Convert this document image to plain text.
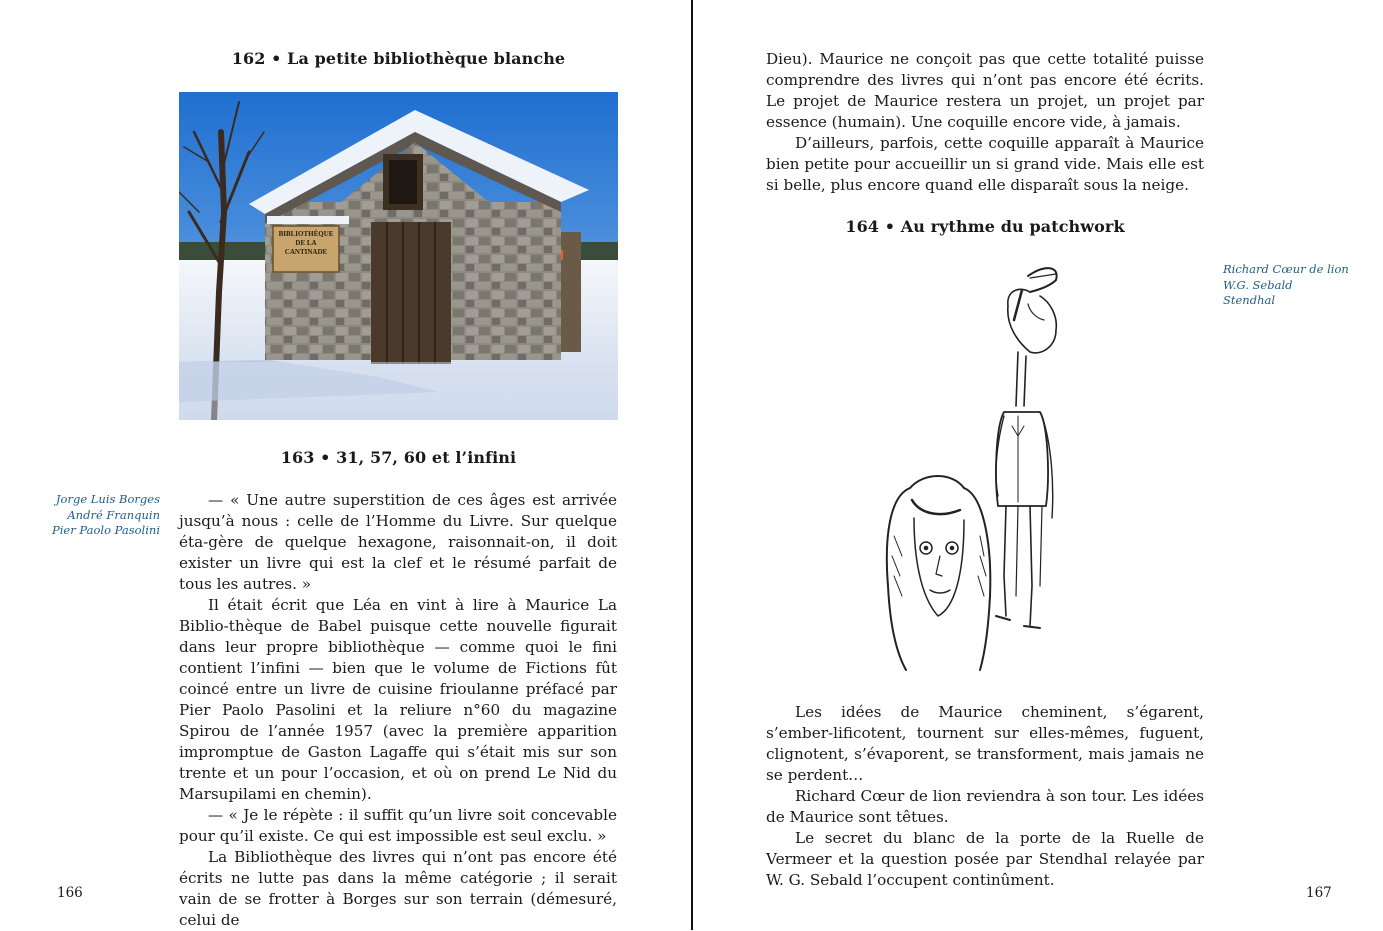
162 • La petite bibliothèque blanche
BIBLIOTHÈQUE
DE LA
CANTINADE
163 • 31, 57, 60 et l’infini
Jorge Luis Borges
André Franquin
Pier Paolo Pasolini

— « Une autre superstition de ces âges est arrivée jusqu’à nous : celle de l’Homme du Livre. Sur quelque éta-gère de quelque hexagone, raisonnait-on, il doit exister un livre qui est la clef et le résumé parfait de tous les autres. »

Il était écrit que Léa en vint à lire à Maurice La Biblio-thèque de Babel puisque cette nouvelle figurait dans leur propre bibliothèque — comme quoi le fini contient l’infini — bien que le volume de Fictions fût coincé entre un livre de cuisine frioulanne préfacé par Pier Paolo Pasolini et la reliure n°60 du magazine Spirou de l’année 1957 (avec la première apparition impromptue de Gaston Lagaffe qui s’était mis sur son trente et un pour l’occasion, et où on prend Le Nid du Marsupilami en chemin).

— « Je le répète : il suffit qu’un livre soit concevable pour qu’il existe. Ce qui est impossible est seul exclu. »

La Bibliothèque des livres qui n’ont pas encore été écrits ne lutte pas dans la même catégorie ; il serait vain de se frotter à Borges sur son terrain (démesuré, celui de

166

Dieu). Maurice ne conçoit pas que cette totalité puisse comprendre des livres qui n’ont pas encore été écrits. Le projet de Maurice restera un projet, un projet par essence (humain). Une coquille encore vide, à jamais.

D’ailleurs, parfois, cette coquille apparaît à Maurice bien petite pour accueillir un si grand vide. Mais elle est si belle, plus encore quand elle disparaît sous la neige.

164 • Au rythme du patchwork
Richard Cœur de lion
W.G. Sebald
Stendhal

Les idées de Maurice cheminent, s’égarent, s’ember-lificotent, tournent sur elles-mêmes, fuguent, clignotent, s’évaporent, se transforment, mais jamais ne se perdent…

Richard Cœur de lion reviendra à son tour. Les idées de Maurice sont têtues.

Le secret du blanc de la porte de la Ruelle de Vermeer et la question posée par Stendhal relayée par W. G. Sebald l’occupent continûment.

167
